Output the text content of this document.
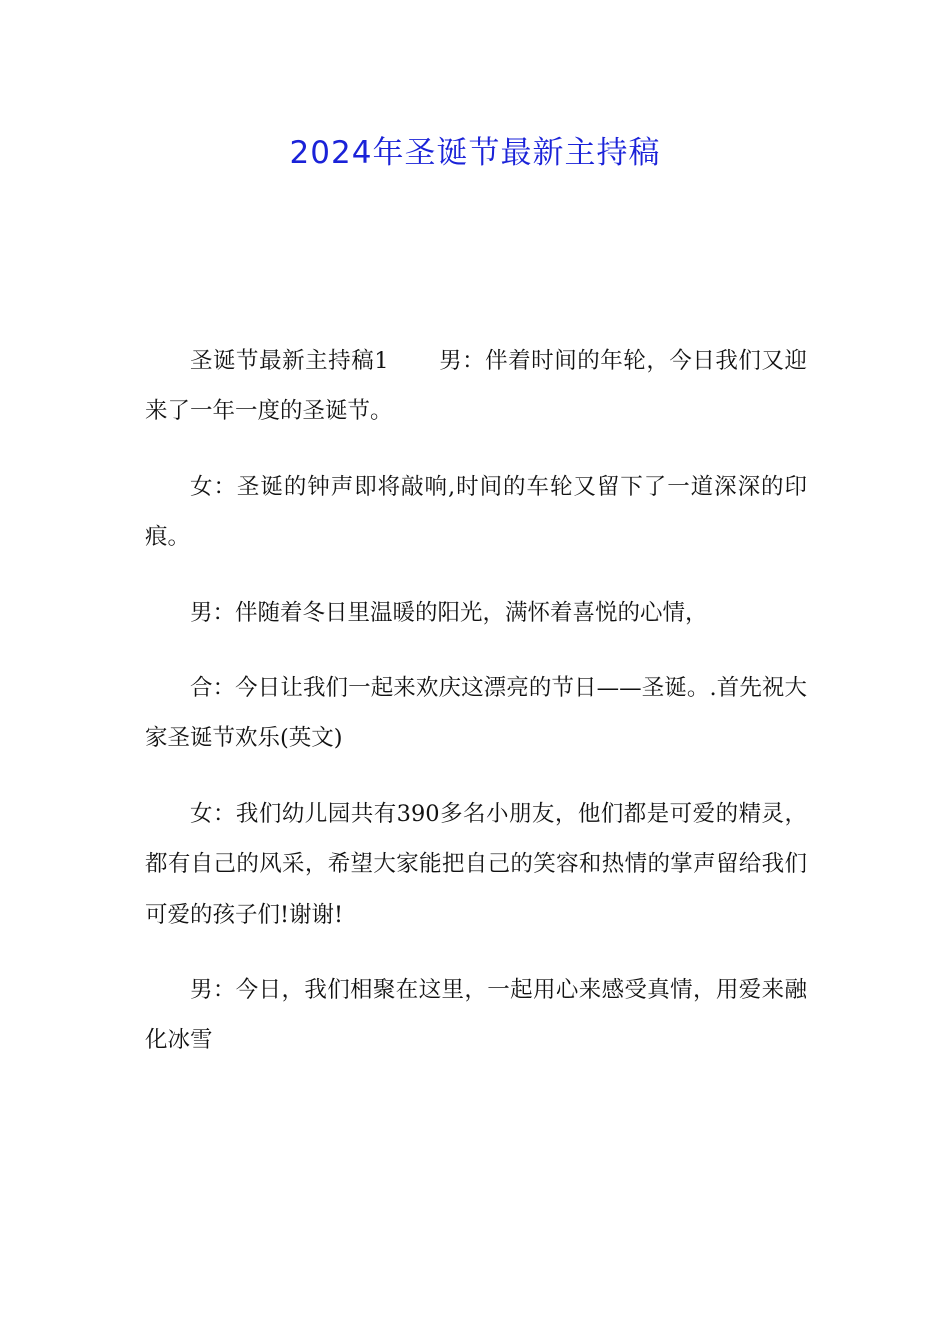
2024年圣诞节最新主持稿

圣诞节最新主持稿1 男：伴着时间的年轮，今日我们又迎来了一年一度的圣诞节。

女：圣诞的钟声即将敲响,时间的车轮又留下了一道深深的印痕。

男：伴随着冬日里温暖的阳光，满怀着喜悦的心情，

合：今日让我们一起来欢庆这漂亮的节日——圣诞。.首先祝大家圣诞节欢乐(英文)

女：我们幼儿园共有390多名小朋友，他们都是可爱的精灵，都有自己的风采，希望大家能把自己的笑容和热情的掌声留给我们可爱的孩子们!谢谢!

男：今日，我们相聚在这里，一起用心来感受真情，用爱来融化冰雪
